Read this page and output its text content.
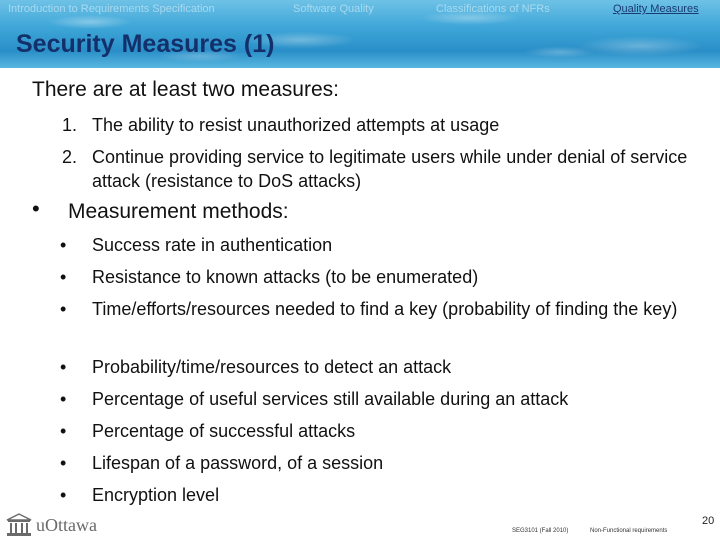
Introduction to Requirements Specification	Software Quality	Classifications of NFRs	Quality Measures
Security Measures (1)
There are at least two measures:
1. The ability to resist unauthorized attempts at usage
2. Continue providing service to legitimate users while under denial of service attack (resistance to DoS attacks)
• Measurement methods:
• Success rate in authentication
• Resistance to known attacks (to be enumerated)
• Time/efforts/resources needed to find a key (probability of finding the key)
• Probability/time/resources to detect an attack
• Percentage of useful services still available during an attack
• Percentage of successful attacks
• Lifespan of a password, of a session
• Encryption level
uOttawa	SEG3101 (Fall 2010)	Non-Functional requirements
20
